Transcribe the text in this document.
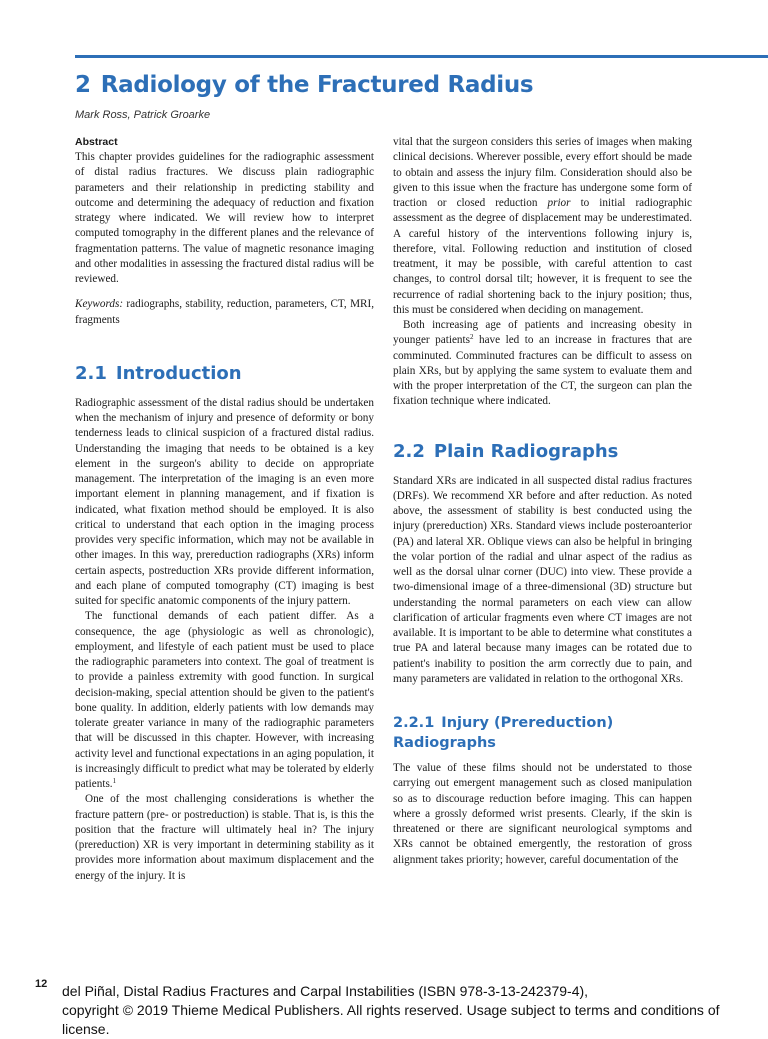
2 Radiology of the Fractured Radius
Mark Ross, Patrick Groarke
Abstract

This chapter provides guidelines for the radiographic assessment of distal radius fractures. We discuss plain radiographic parameters and their relationship in predicting stability and outcome and determining the adequacy of reduction and fixation strategy where indicated. We will review how to interpret computed tomography in the different planes and the relevance of fragmentation patterns. The value of magnetic resonance imaging and other modalities in assessing the fractured distal radius will be reviewed.

Keywords: radiographs, stability, reduction, parameters, CT, MRI, fragments

2.1 Introduction

Radiographic assessment of the distal radius should be undertaken when the mechanism of injury and presence of deformity or bony tenderness leads to clinical suspicion of a fractured distal radius. Understanding the imaging that needs to be obtained is a key element in the surgeon's ability to decide on appropriate management. The interpretation of the imaging is an even more important element in planning management, and if fixation is indicated, what fixation method should be employed. It is also critical to understand that each option in the imaging process provides very specific information, which may not be available in other images. In this way, prereduction radiographs (XRs) inform certain aspects, postreduction XRs provide different information, and each plane of computed tomography (CT) imaging is best suited for specific anatomic components of the injury pattern.

The functional demands of each patient differ. As a consequence, the age (physiologic as well as chronologic), employment, and lifestyle of each patient must be used to place the radiographic parameters into context. The goal of treatment is to provide a painless extremity with good function. In surgical decision-making, special attention should be given to the patient's bone quality. In addition, elderly patients with low demands may tolerate greater variance in many of the radiographic parameters that will be discussed in this chapter. However, with increasing activity level and functional expectations in an aging population, it is increasingly difficult to predict what may be tolerated by elderly patients.$^1$

One of the most challenging considerations is whether the fracture pattern (pre- or postreduction) is stable. That is, is this the position that the fracture will ultimately heal in? The injury (prereduction) XR is very important in determining stability as it provides more information about maximum displacement and the energy of the injury. It is

vital that the surgeon considers this series of images when making clinical decisions. Wherever possible, every effort should be made to obtain and assess the injury film. Consideration should also be given to this issue when the fracture has undergone some form of traction or closed reduction prior to initial radiographic assessment as the degree of displacement may be underestimated. A careful history of the interventions following injury is, therefore, vital. Following reduction and institution of closed treatment, it may be possible, with careful attention to cast changes, to control dorsal tilt; however, it is frequent to see the recurrence of radial shortening back to the injury position; thus, this must be considered when deciding on management.

Both increasing age of patients and increasing obesity in younger patients$^2$ have led to an increase in fractures that are comminuted. Comminuted fractures can be difficult to assess on plain XRs, but by applying the same system to evaluate them and with the proper interpretation of the CT, the surgeon can plan the fixation technique where indicated.

2.2 Plain Radiographs

Standard XRs are indicated in all suspected distal radius fractures (DRFs). We recommend XR before and after reduction. As noted above, the assessment of stability is best conducted using the injury (prereduction) XRs. Standard views include posteroanterior (PA) and lateral XR. Oblique views can also be helpful in bringing the volar portion of the radial and ulnar aspect of the radius as well as the dorsal ulnar corner (DUC) into view. These provide a two-dimensional image of a three-dimensional (3D) structure but understanding the normal parameters on each view can allow clarification of articular fragments even where CT images are not available. It is important to be able to determine what constitutes a true PA and lateral because many images can be rotated due to patient's inability to position the arm correctly due to pain, and many parameters are validated in relation to the orthogonal XRs.

2.2.1 Injury (Prereduction)
Radiographs

The value of these films should not be understated to those carrying out emergent management such as closed manipulation so as to discourage reduction before imaging. This can happen where a grossly deformed wrist presents. Clearly, if the skin is threatened or there are significant neurological symptoms and XRs cannot be obtained emergently, the restoration of gross alignment takes priority; however, careful documentation of the

12 del Piñal, Distal Radius Fractures and Carpal Instabilities (ISBN 978-3-13-242379-4),
copyright © 2019 Thieme Medical Publishers. All rights reserved. Usage subject to terms and conditions of license.
